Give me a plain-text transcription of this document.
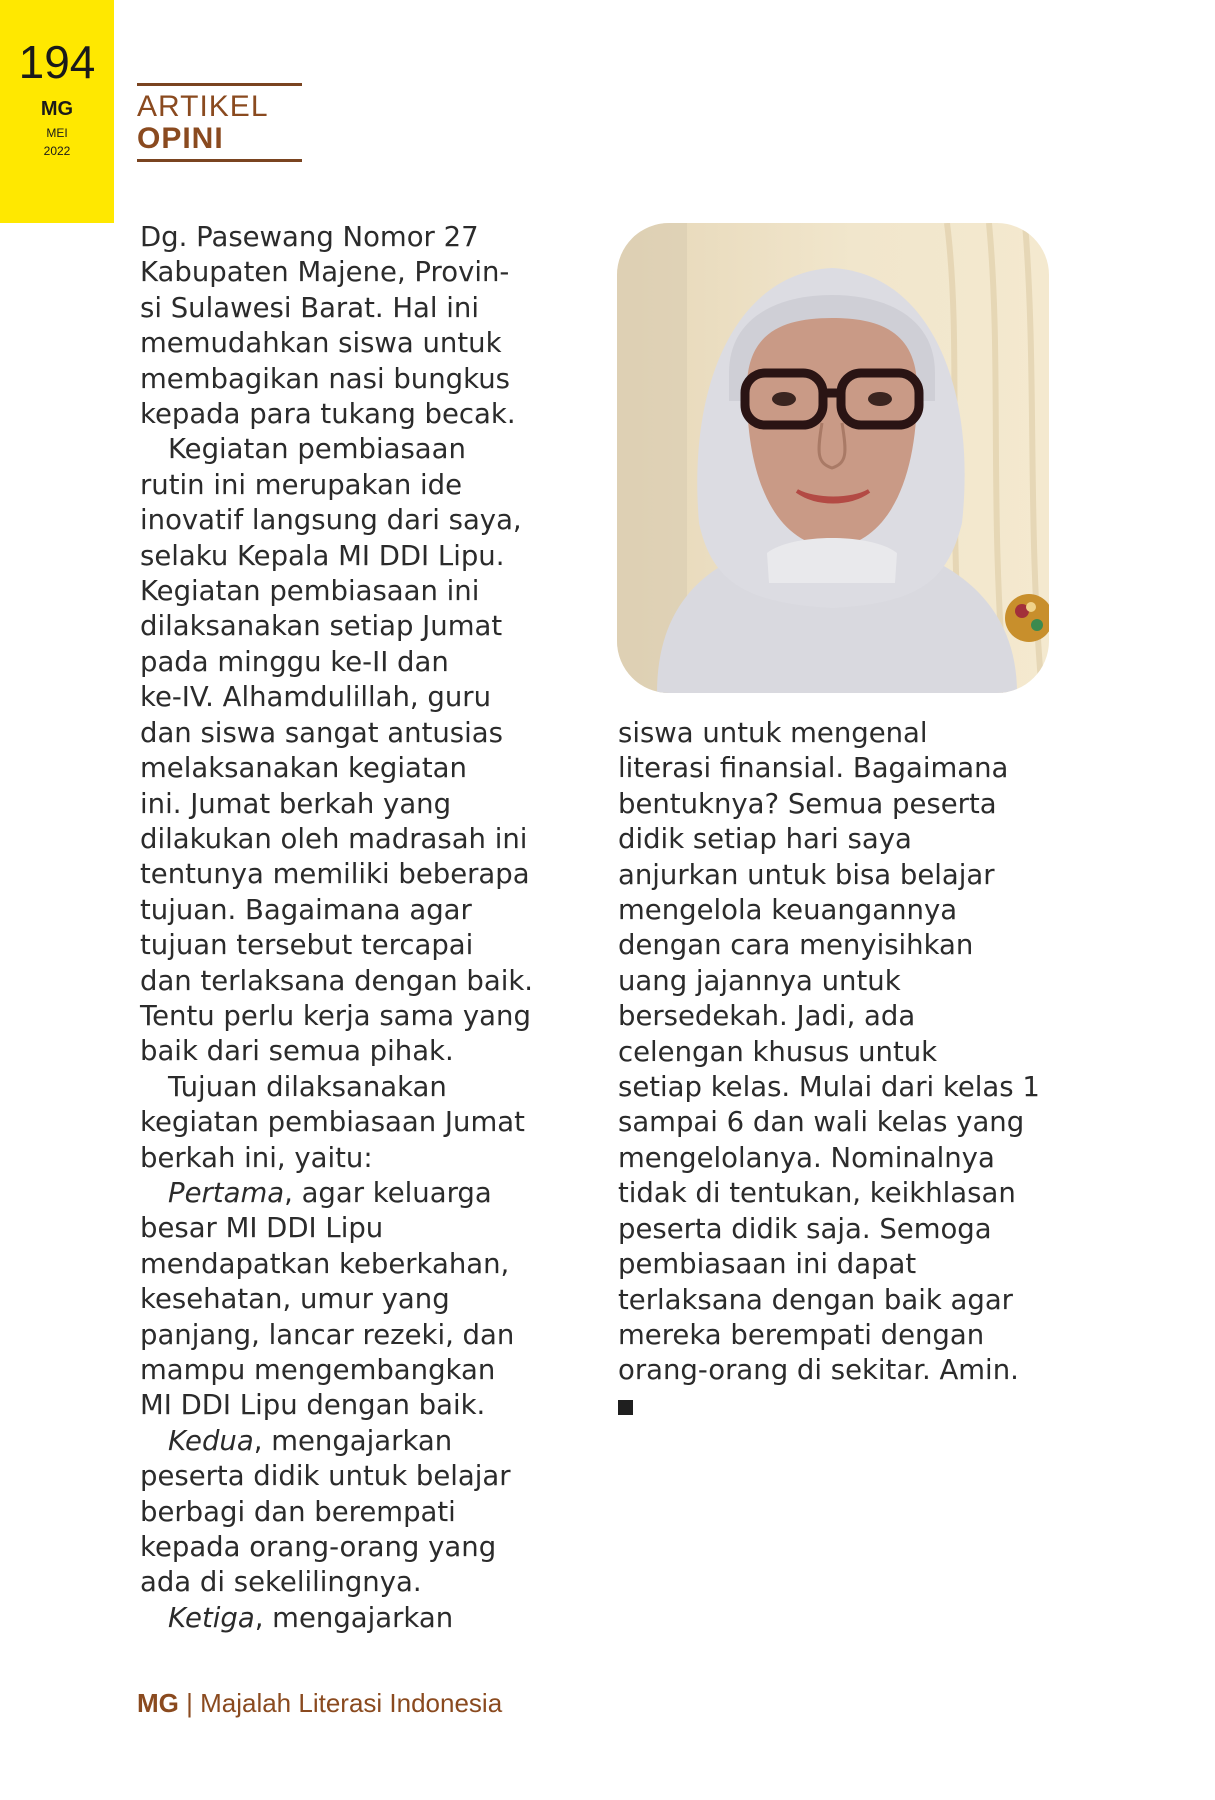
194
MG
MEI
2022
ARTIKEL
OPINI
Dg. Pasewang Nomor 27
Kabupaten Majene, Provin-
si Sulawesi Barat. Hal ini
memudahkan siswa untuk
membagikan nasi bungkus
kepada para tukang becak.
Kegiatan pembiasaan
rutin ini merupakan ide
inovatif langsung dari saya,
selaku Kepala MI DDI Lipu.
Kegiatan pembiasaan ini
dilaksanakan setiap Jumat
pada minggu ke-II dan
ke-IV. Alhamdulillah, guru
dan siswa sangat antusias
melaksanakan kegiatan
ini. Jumat berkah yang
dilakukan oleh madrasah ini
tentunya memiliki beberapa
tujuan. Bagaimana agar
tujuan tersebut tercapai
dan terlaksana dengan baik.
Tentu perlu kerja sama yang
baik dari semua pihak.
Tujuan dilaksanakan
kegiatan pembiasaan Jumat
berkah ini, yaitu:
Pertama, agar keluarga
besar MI DDI Lipu
mendapatkan keberkahan,
kesehatan, umur yang
panjang, lancar rezeki, dan
mampu mengembangkan
MI DDI Lipu dengan baik.
Kedua, mengajarkan
peserta didik untuk belajar
berbagi dan berempati
kepada orang-orang yang
ada di sekelilingnya.
Ketiga, mengajarkan
siswa untuk mengenal
literasi finansial. Bagaimana
bentuknya? Semua peserta
didik setiap hari saya
anjurkan untuk bisa belajar
mengelola keuangannya
dengan cara menyisihkan
uang jajannya untuk
bersedekah. Jadi, ada
celengan khusus untuk
setiap kelas. Mulai dari kelas 1
sampai 6 dan wali kelas yang
mengelolanya. Nominalnya
tidak di tentukan, keikhlasan
peserta didik saja. Semoga
pembiasaan ini dapat
terlaksana dengan baik agar
mereka berempati dengan
orang-orang di sekitar. Amin.
MG | Majalah Literasi Indonesia
